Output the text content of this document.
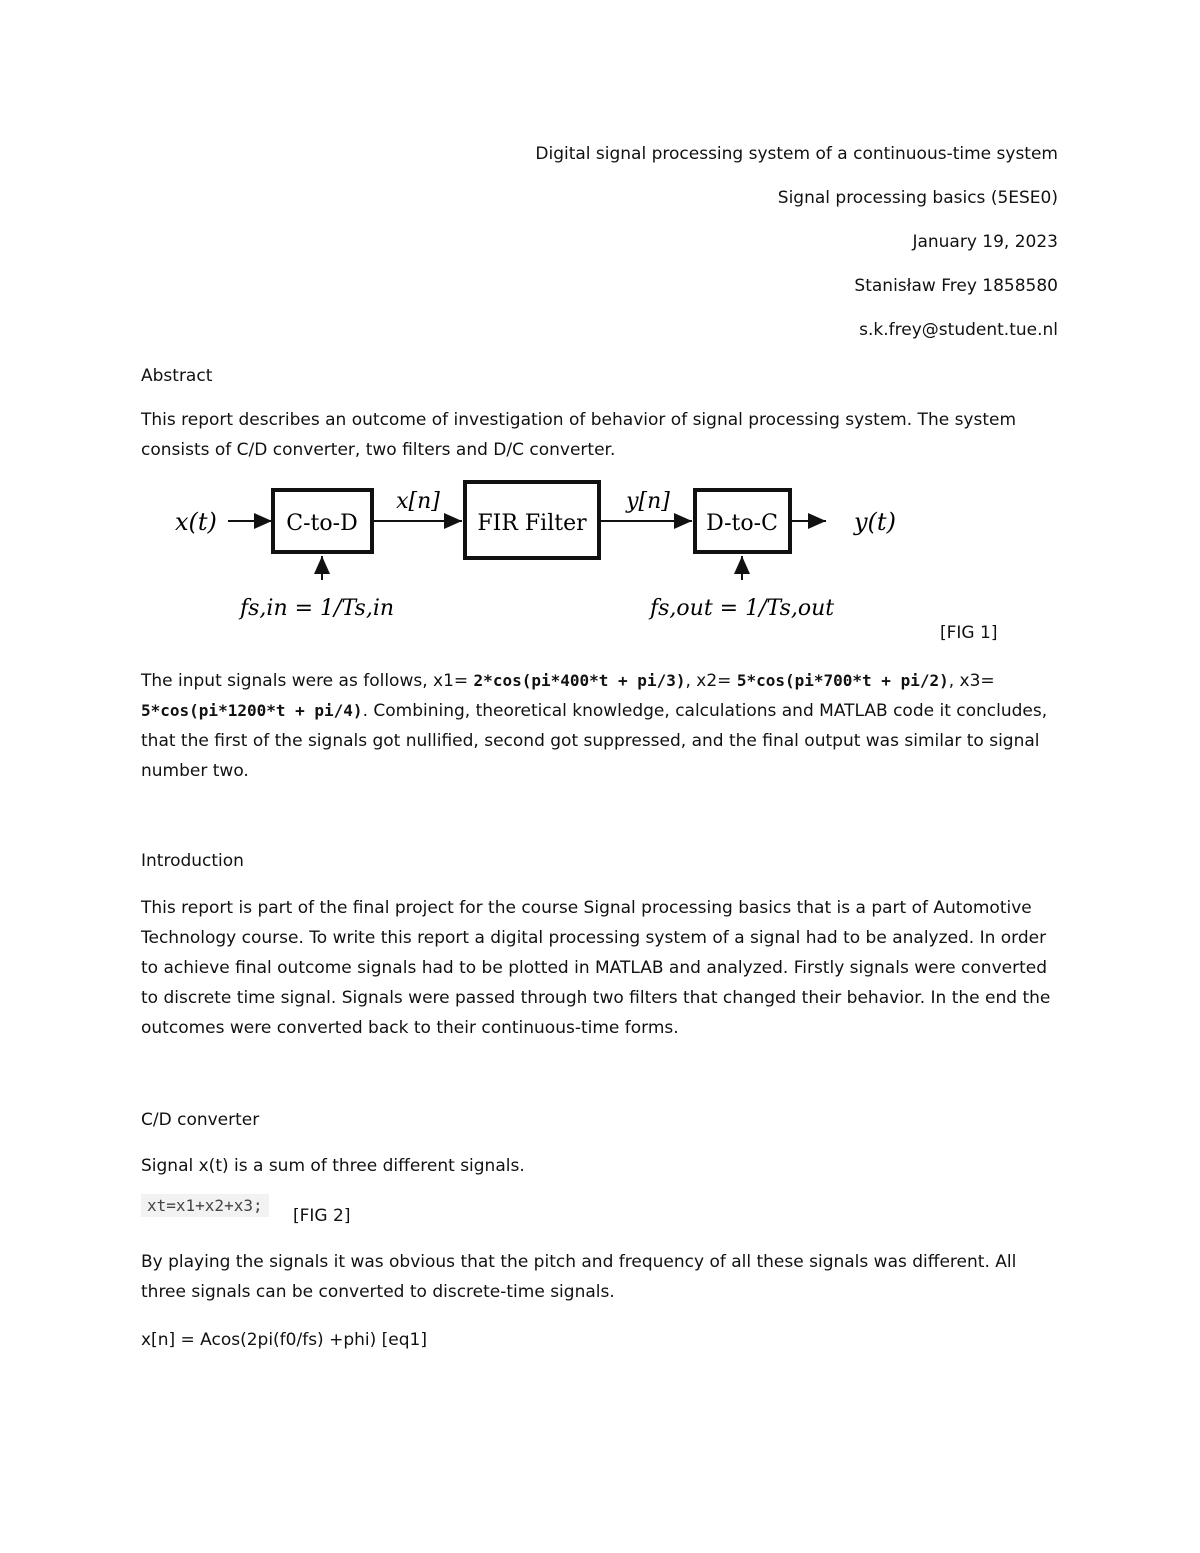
Digital signal processing system of a continuous-time system
Signal processing basics (5ESE0)
January 19, 2023
Stanisław Frey 1858580
s.k.frey@student.tue.nl
Abstract
This report describes an outcome of investigation of behavior of signal processing system. The system consists of C/D converter, two filters and D/C converter.
x(t)	C-to-D
x[n]
FIR Filter
y[n]
D-to-C	y(t)
fs,in = 1/Ts,in	fs,out = 1/Ts,out
[FIG 1]
The input signals were as follows, x1= 2*cos(pi*400*t + pi/3), x2= 5*cos(pi*700*t + pi/2), x3= 5*cos(pi*1200*t + pi/4). Combining, theoretical knowledge, calculations and MATLAB code it concludes, that the first of the signals got nullified, second got suppressed, and the final output was similar to signal number two.
Introduction
This report is part of the final project for the course Signal processing basics that is a part of Automotive Technology course. To write this report a digital processing system of a signal had to be analyzed. In order to achieve final outcome signals had to be plotted in MATLAB and analyzed. Firstly signals were converted to discrete time signal. Signals were passed through two filters that changed their behavior. In the end the outcomes were converted back to their continuous-time forms.
C/D converter
Signal x(t) is a sum of three different signals.
xt=x1+x2+x3;
[FIG 2]
By playing the signals it was obvious that the pitch and frequency of all these signals was different. All three signals can be converted to discrete-time signals.
x[n] = Acos(2pi(f0/fs) +phi) [eq1]
